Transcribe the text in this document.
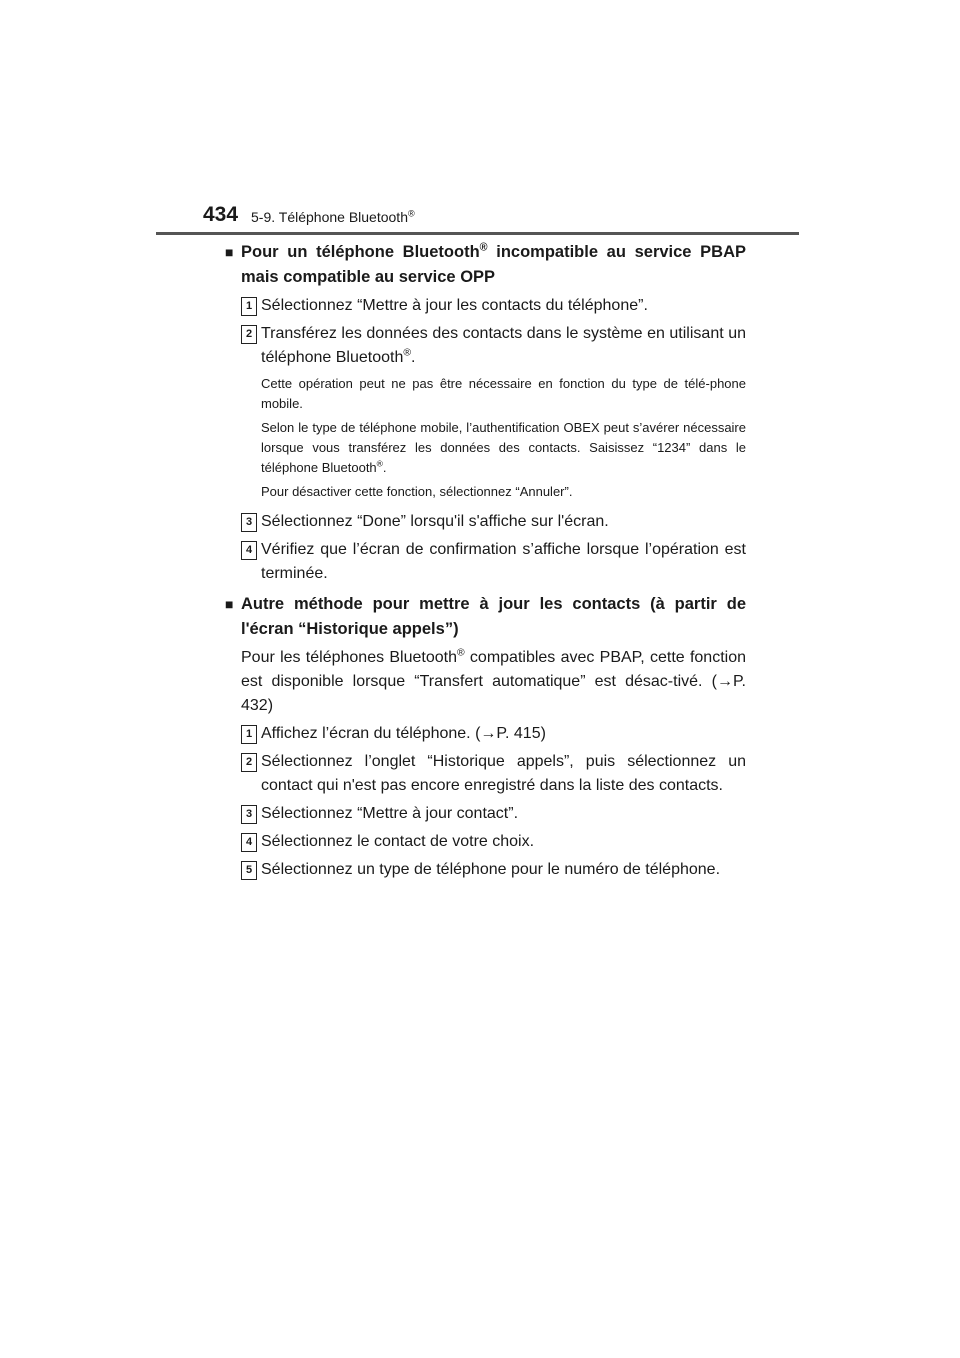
434 5-9. Téléphone Bluetooth®
■ Pour un téléphone Bluetooth® incompatible au service PBAP mais compatible au service OPP
1 Sélectionnez “Mettre à jour les contacts du téléphone”.
2 Transférez les données des contacts dans le système en utilisant un téléphone Bluetooth®.
Cette opération peut ne pas être nécessaire en fonction du type de télé-phone mobile.
Selon le type de téléphone mobile, l’authentification OBEX peut s’avérer nécessaire lorsque vous transférez les données des contacts. Saisissez “1234” dans le téléphone Bluetooth®.
Pour désactiver cette fonction, sélectionnez “Annuler”.
3 Sélectionnez “Done” lorsqu'il s'affiche sur l'écran.
4 Vérifiez que l’écran de confirmation s’affiche lorsque l’opération est terminée.
■ Autre méthode pour mettre à jour les contacts (à partir de l'écran “Historique appels”)
Pour les téléphones Bluetooth® compatibles avec PBAP, cette fonction est disponible lorsque “Transfert automatique” est désac-tivé. (→P. 432)
1 Affichez l’écran du téléphone. (→P. 415)
2 Sélectionnez l’onglet “Historique appels”, puis sélectionnez un contact qui n'est pas encore enregistré dans la liste des contacts.
3 Sélectionnez “Mettre à jour contact”.
4 Sélectionnez le contact de votre choix.
5 Sélectionnez un type de téléphone pour le numéro de téléphone.
